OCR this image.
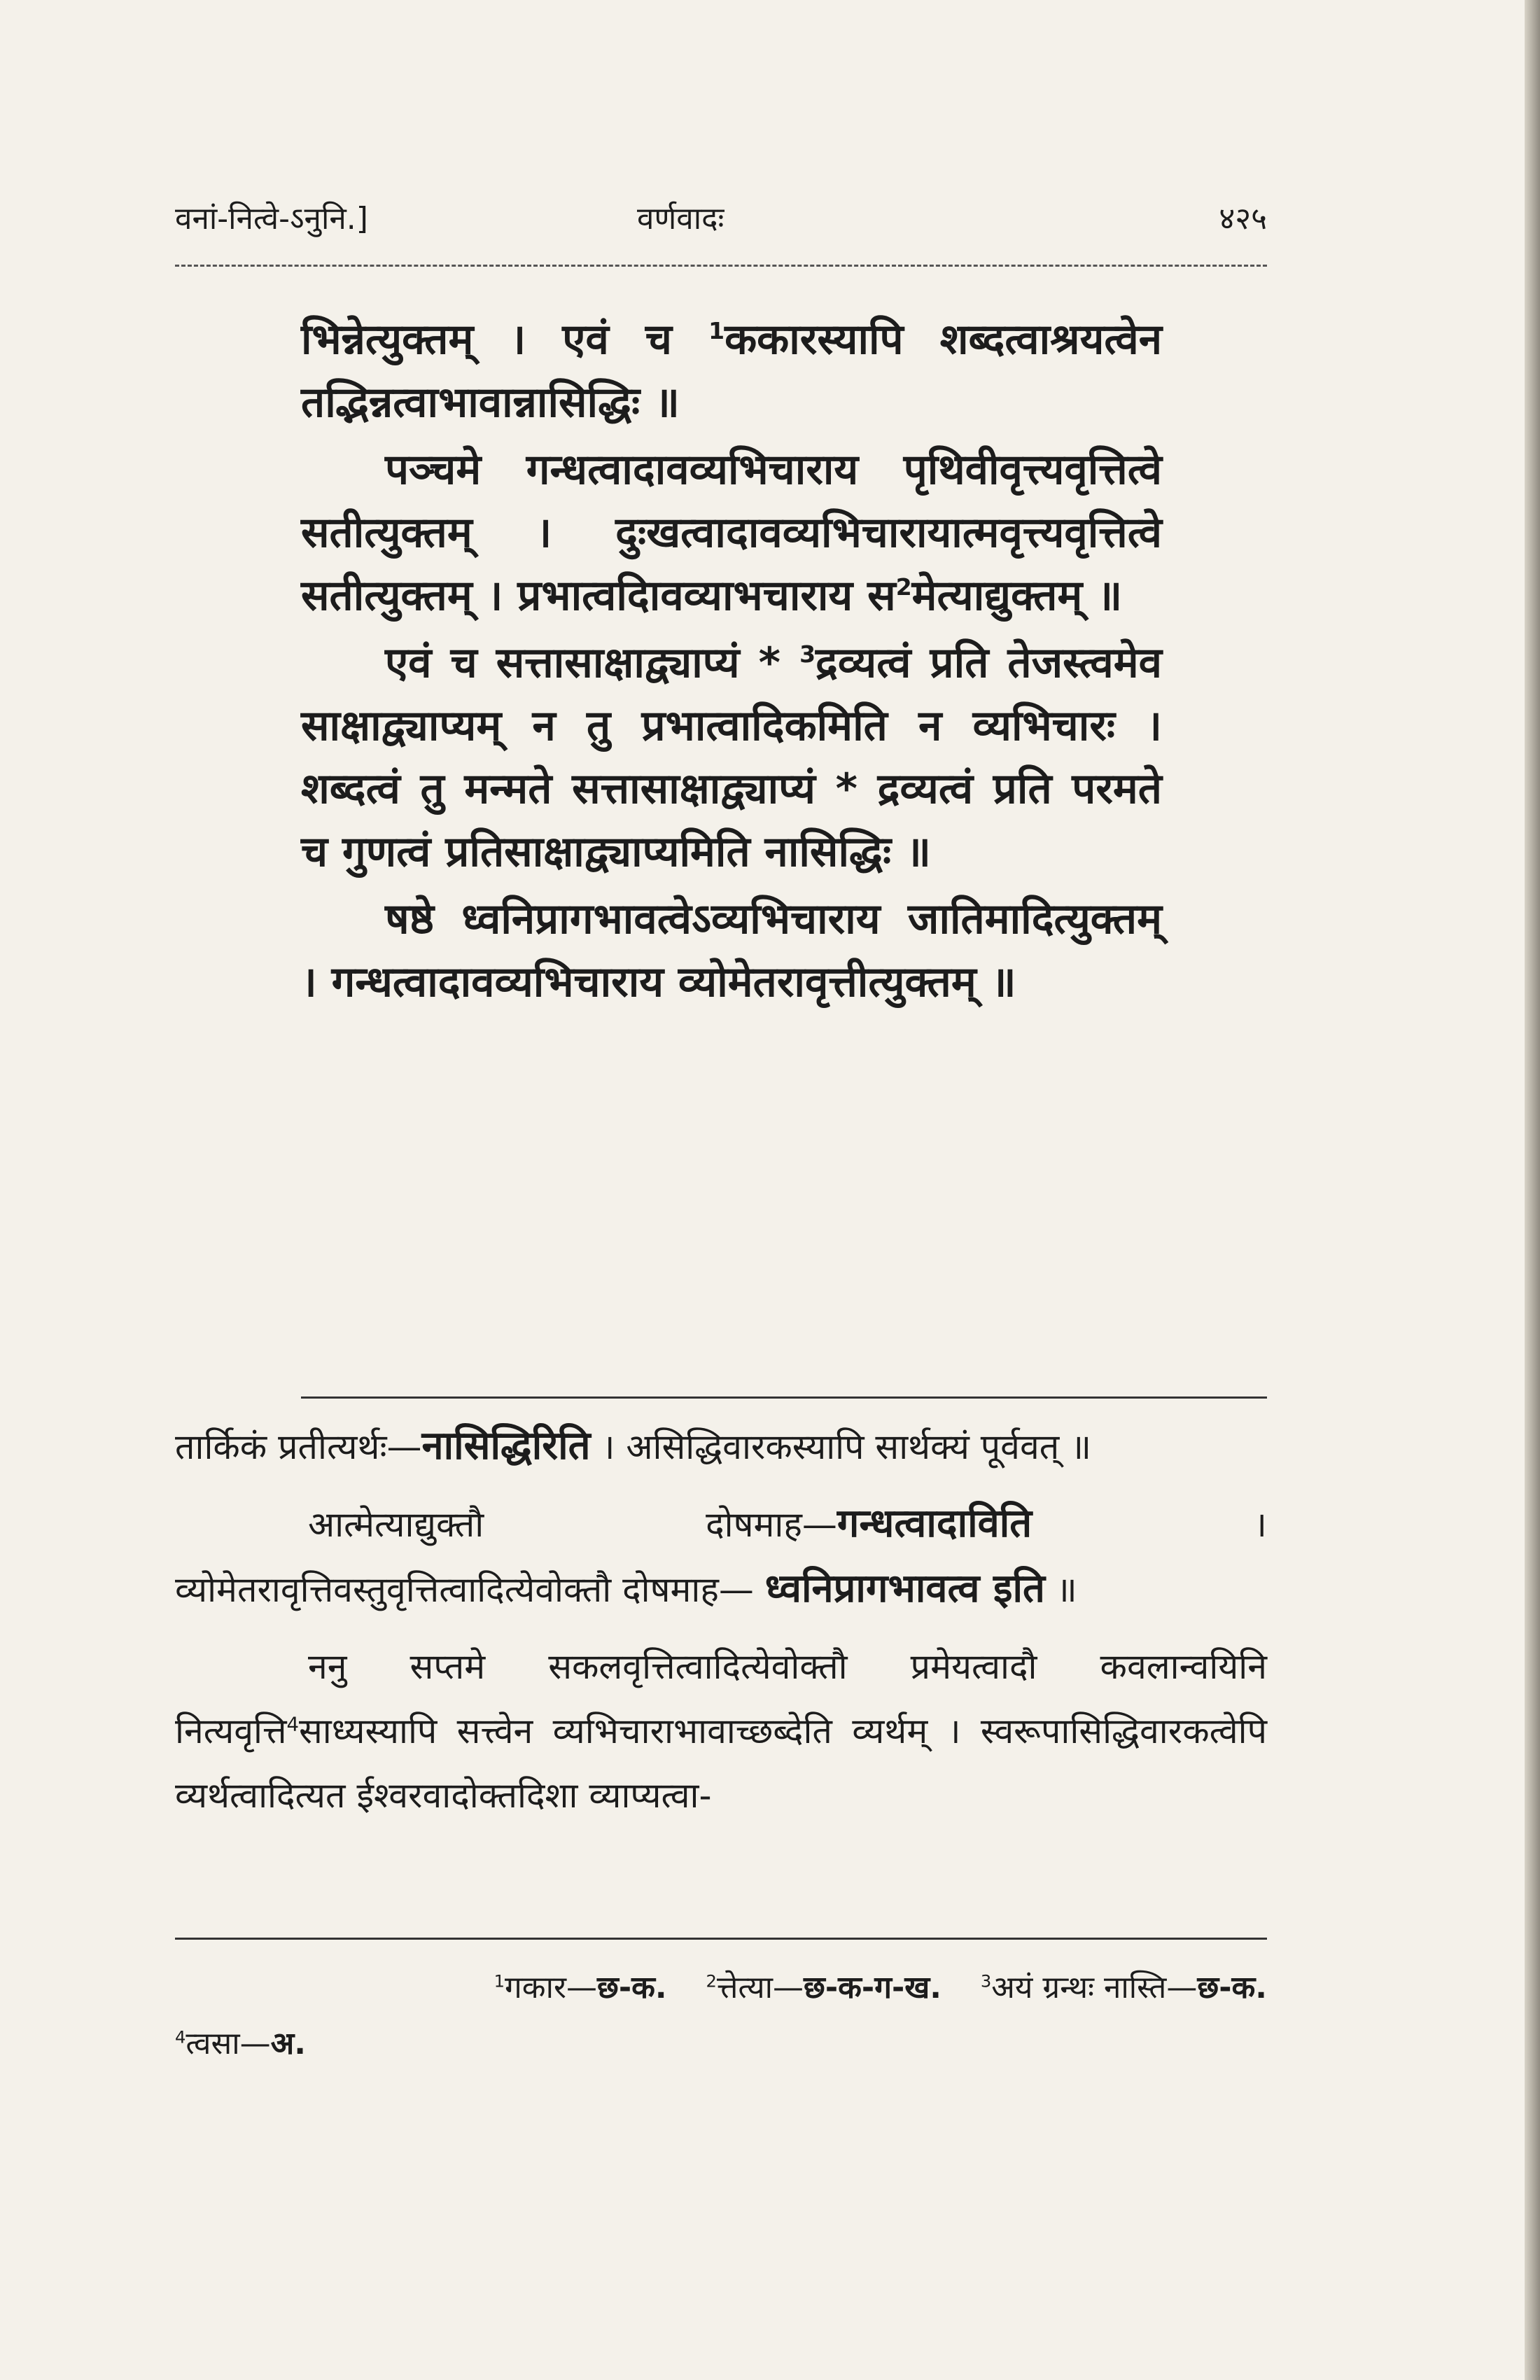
वनां-नित्वे-ऽनुनि.]	वर्णवादः	४२५

भिन्नेत्युक्तम् । एवं च $^1$ककारस्यापि शब्दत्वाश्रयत्वेन तद्भिन्नत्वाभावान्नासिद्धिः ॥

पञ्चमे गन्धत्वादावव्यभिचाराय पृथिवीवृत्त्यवृत्तित्वे सतीत्युक्तम् । दुःखत्वादावव्यभिचारायात्मवृत्त्यवृत्तित्वे सतीत्युक्तम् । प्रभात्वदिावव्याभचाराय स$^2$मेत्याद्युक्तम् ॥

एवं च सत्तासाक्षाद्व्याप्यं * $^3$द्रव्यत्वं प्रति तेजस्त्वमेव साक्षाद्व्याप्यम् न तु प्रभात्वादिकमिति न व्यभिचारः । शब्दत्वं तु मन्मते सत्तासाक्षाद्व्याप्यं * द्रव्यत्वं प्रति परमते च गुणत्वं प्रतिसाक्षाद्व्याप्यमिति नासिद्धिः ॥

षष्ठे ध्वनिप्रागभावत्वेऽव्यभिचाराय जातिमादित्युक्तम् । गन्धत्वादावव्यभिचाराय व्योमेतरावृत्तीत्युक्तम् ॥

तार्किकं प्रतीत्यर्थः—नासिद्धिरिति । असिद्धिवारकस्यापि सार्थक्यं पूर्ववत् ॥

आत्मेत्याद्युक्तौ दोषमाह—गन्धत्वादाविति । व्योमेतरावृत्तिवस्तुवृत्तित्वादित्येवोक्तौ दोषमाह— ध्वनिप्रागभावत्व इति ॥

ननु सप्तमे सकलवृत्तित्वादित्येवोक्तौ प्रमेयत्वादौ कवलान्वयिनि नित्यवृत्ति$^4$साध्यस्यापि सत्त्वेन व्यभिचाराभावाच्छब्देति व्यर्थम् । स्वरूपासिद्धिवारकत्वेपि व्यर्थत्वादित्यत ईश्वरवादोक्तदिशा व्याप्यत्वा-

$^1$गकार—छ-क. $^2$त्तेत्या—छ-क-ग-ख. $^3$अयं ग्रन्थः नास्ति—छ-क.
$^4$त्वसा—अ.
